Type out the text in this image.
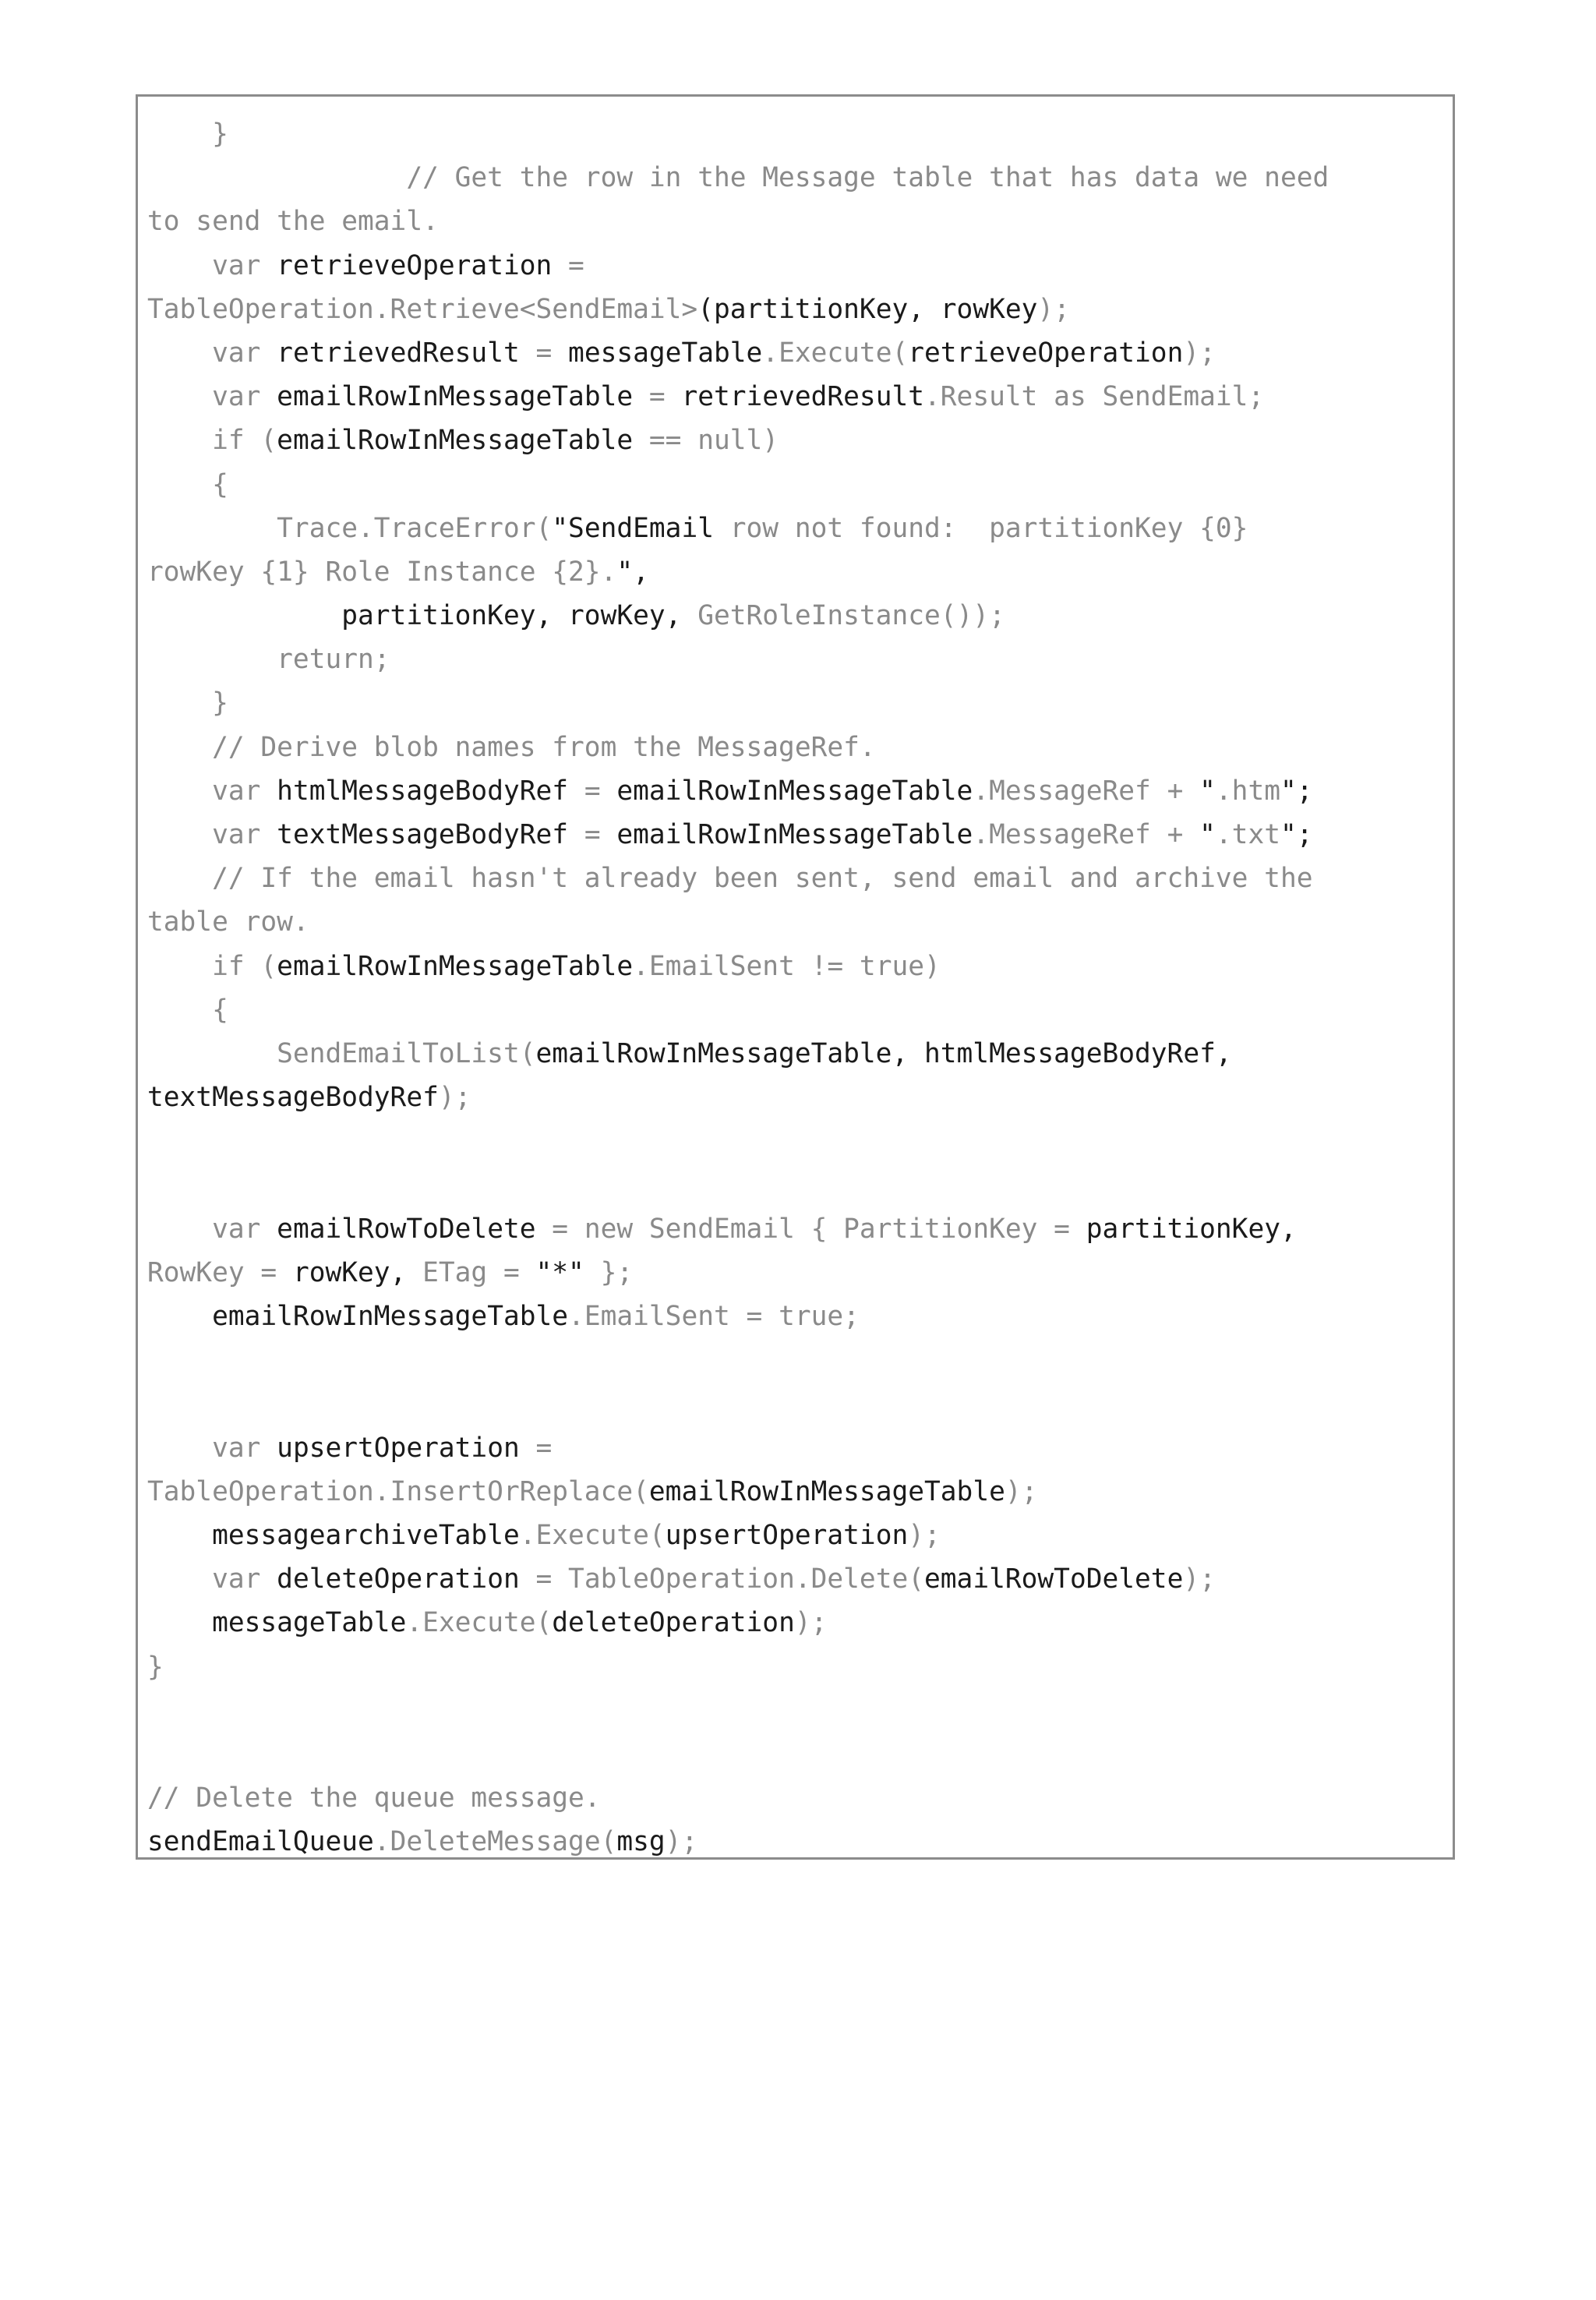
}
// Get the row in the Message table that has data we need
to send the email.
var retrieveOperation =
TableOperation.Retrieve<SendEmail>(partitionKey, rowKey);
var retrievedResult = messageTable.Execute(retrieveOperation);
var emailRowInMessageTable = retrievedResult.Result as SendEmail;
if (emailRowInMessageTable == null)
{
Trace.TraceError("SendEmail row not found:  partitionKey {0}
rowKey {1} Role Instance {2}.",
partitionKey, rowKey, GetRoleInstance());
return;
}
// Derive blob names from the MessageRef.
var htmlMessageBodyRef = emailRowInMessageTable.MessageRef + ".htm";
var textMessageBodyRef = emailRowInMessageTable.MessageRef + ".txt";
// If the email hasn't already been sent, send email and archive the
table row.
if (emailRowInMessageTable.EmailSent != true)
{
SendEmailToList(emailRowInMessageTable, htmlMessageBodyRef,
textMessageBodyRef);
var emailRowToDelete = new SendEmail { PartitionKey = partitionKey,
RowKey = rowKey, ETag = "*" };
emailRowInMessageTable.EmailSent = true;
var upsertOperation =
TableOperation.InsertOrReplace(emailRowInMessageTable);
messagearchiveTable.Execute(upsertOperation);
var deleteOperation = TableOperation.Delete(emailRowToDelete);
messageTable.Execute(deleteOperation);
}
// Delete the queue message.
sendEmailQueue.DeleteMessage(msg);
